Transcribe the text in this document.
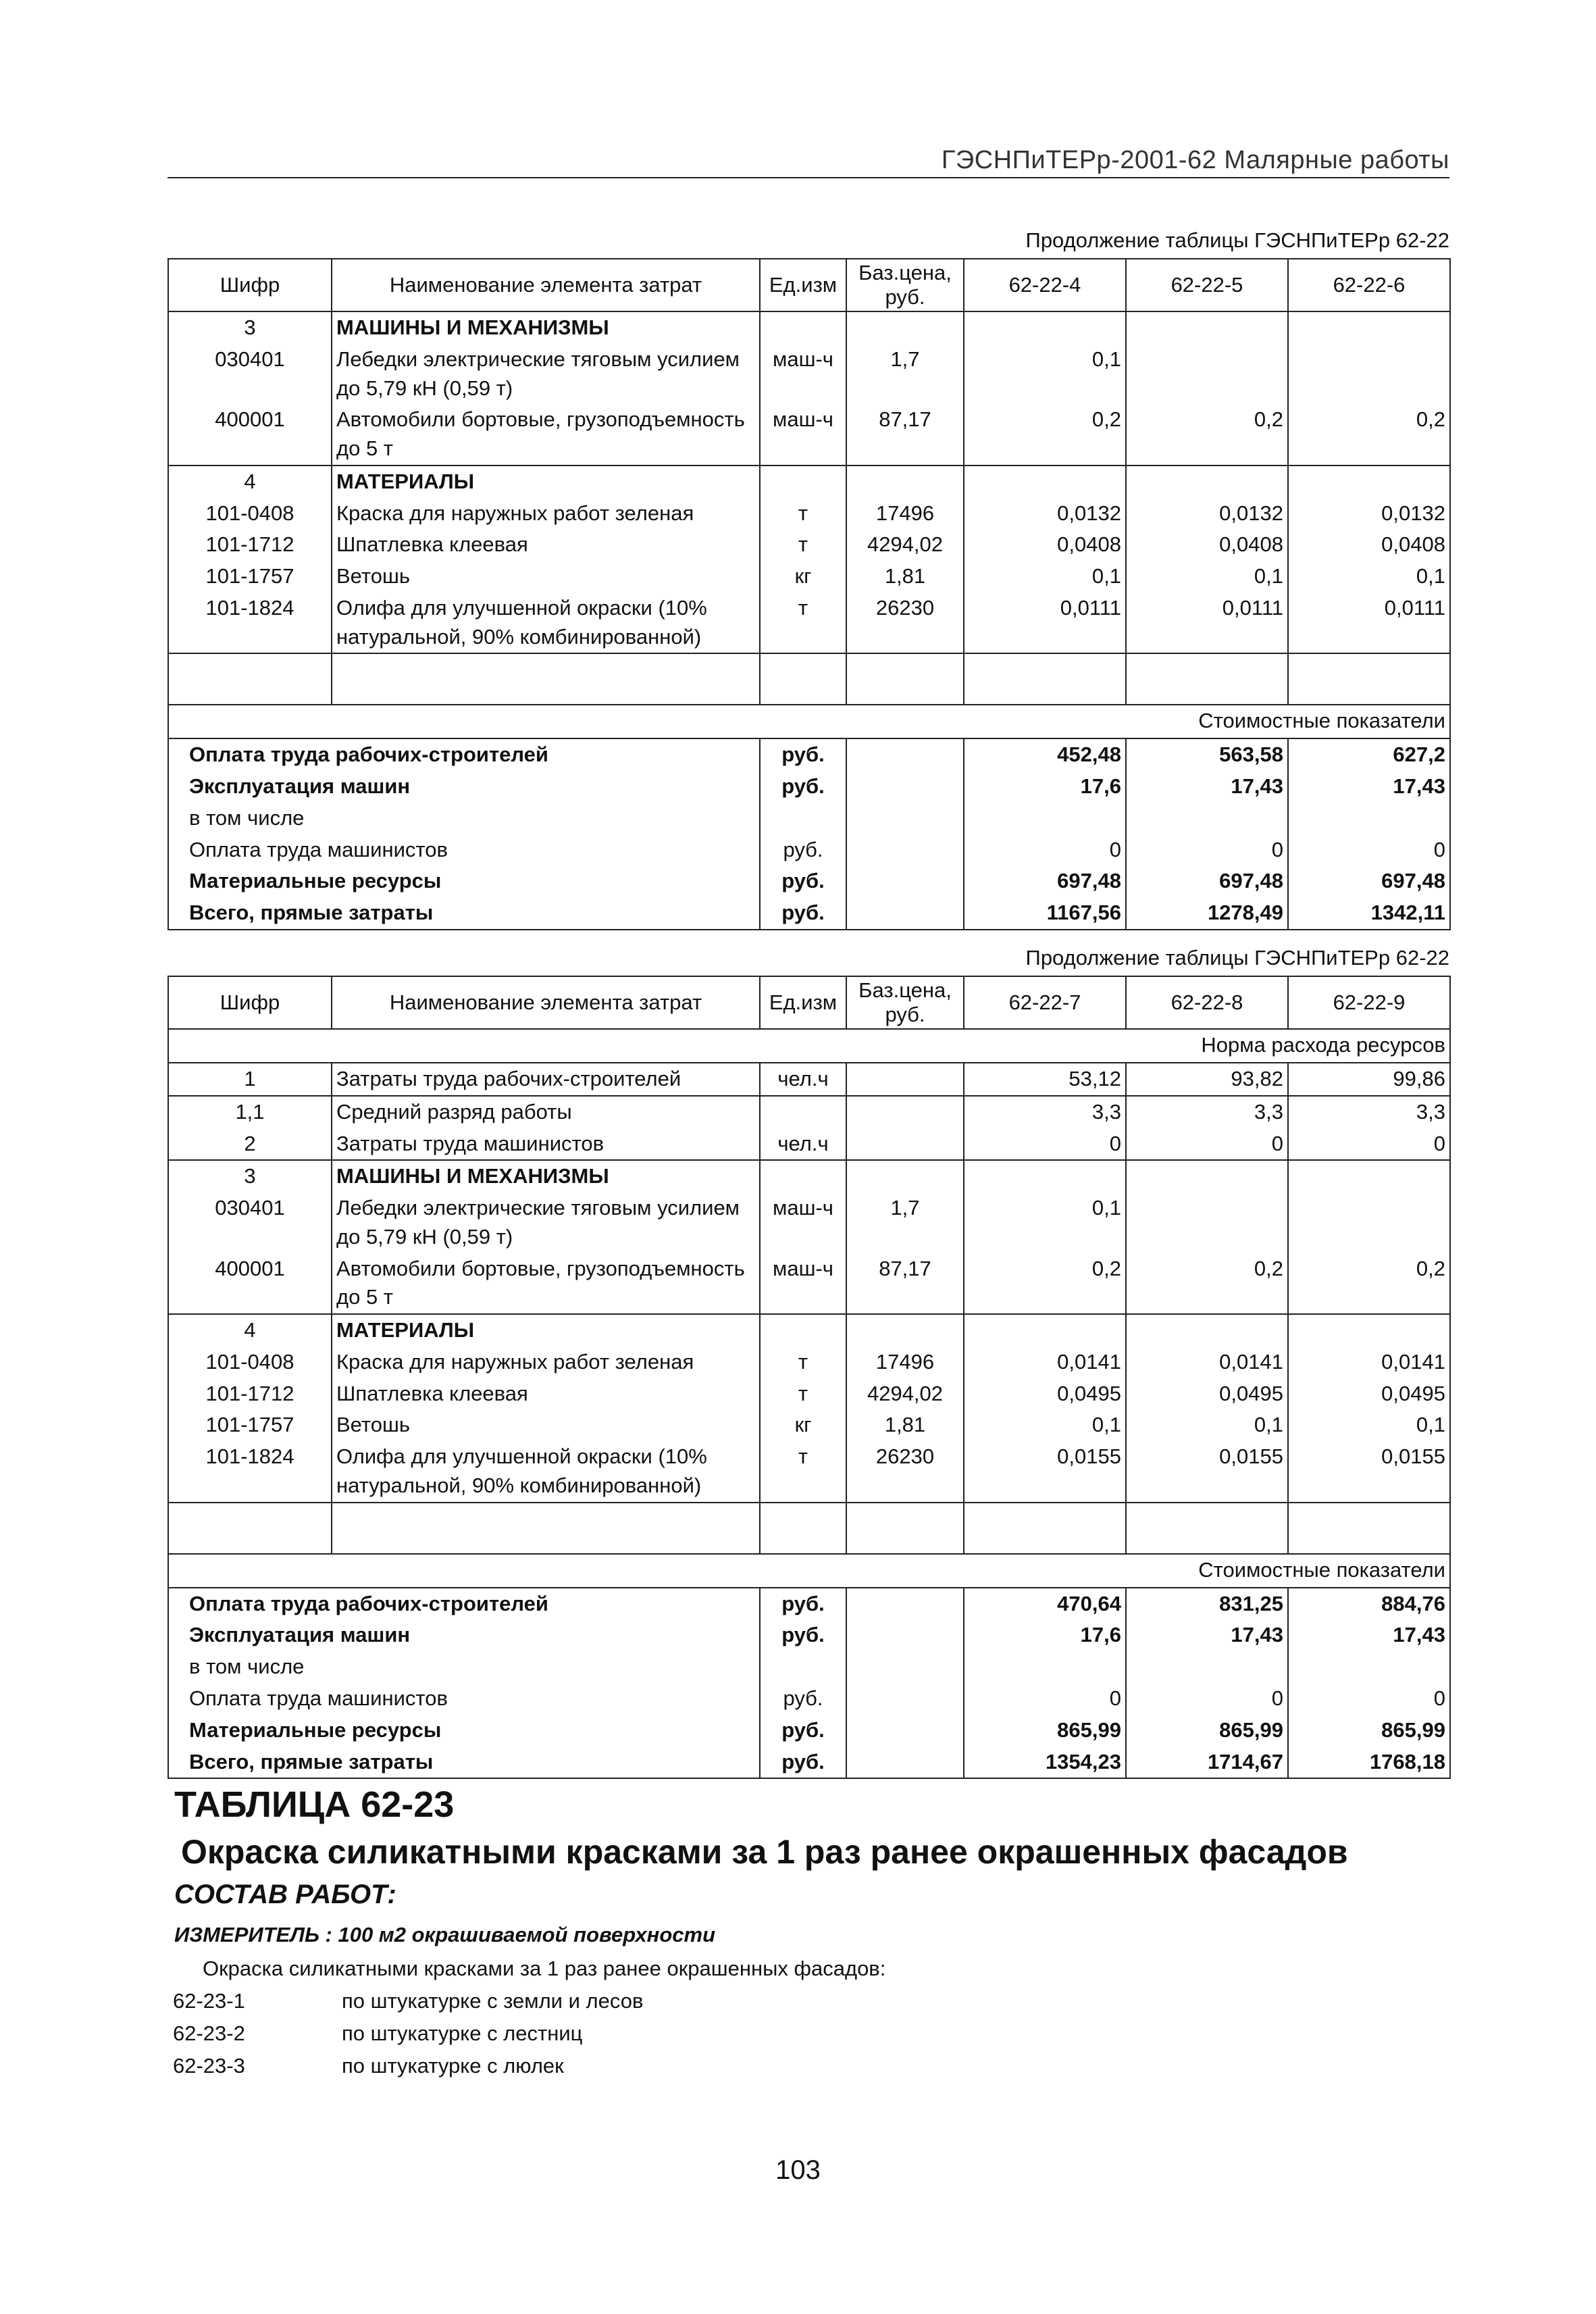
ГЭСНПиТЕРр-2001-62 Малярные работы
Продолжение таблицы ГЭСНПиТЕРр 62-22
Шифр	Наименование элемента затрат	Ед.изм	Баз.цена, руб.	62-22-4	62-22-5	62-22-6
3	МАШИНЫ И МЕХАНИЗМЫ					
030401	Лебедки электрические тяговым усилием до 5,79 кН (0,59 т)	маш-ч	1,7	0,1		
400001	Автомобили бортовые, грузоподъемность до 5 т	маш-ч	87,17	0,2	0,2	0,2
4	МАТЕРИАЛЫ					
101-0408	Краска для наружных работ зеленая	т	17496	0,0132	0,0132	0,0132
101-1712	Шпатлевка клеевая	т	4294,02	0,0408	0,0408	0,0408
101-1757	Ветошь	кг	1,81	0,1	0,1	0,1
101-1824	Олифа для улучшенной окраски (10% натуральной, 90% комбинированной)	т	26230	0,0111	0,0111	0,0111

Стоимостные показатели						
Оплата труда рабочих-строителей		руб.		452,48	563,58	627,2
Эксплуатация машин		руб.		17,6	17,43	17,43
в том числе						
Оплата труда машинистов		руб.		0	0	0
Материальные ресурсы		руб.		697,48	697,48	697,48
Всего, прямые затраты		руб.		1167,56	1278,49	1342,11
Продолжение таблицы ГЭСНПиТЕРр 62-22
Шифр	Наименование элемента затрат	Ед.изм	Баз.цена, руб.	62-22-7	62-22-8	62-22-9
Норма расхода ресурсов						
1	Затраты труда рабочих-строителей	чел.ч		53,12	93,82	99,86
1,1	Средний разряд работы			3,3	3,3	3,3
2	Затраты труда машинистов	чел.ч		0	0	0
3	МАШИНЫ И МЕХАНИЗМЫ					
030401	Лебедки электрические тяговым усилием до 5,79 кН (0,59 т)	маш-ч	1,7	0,1		
400001	Автомобили бортовые, грузоподъемность до 5 т	маш-ч	87,17	0,2	0,2	0,2
4	МАТЕРИАЛЫ					
101-0408	Краска для наружных работ зеленая	т	17496	0,0141	0,0141	0,0141
101-1712	Шпатлевка клеевая	т	4294,02	0,0495	0,0495	0,0495
101-1757	Ветошь	кг	1,81	0,1	0,1	0,1
101-1824	Олифа для улучшенной окраски (10% натуральной, 90% комбинированной)	т	26230	0,0155	0,0155	0,0155

Стоимостные показатели						
Оплата труда рабочих-строителей		руб.		470,64	831,25	884,76
Эксплуатация машин		руб.		17,6	17,43	17,43
в том числе						
Оплата труда машинистов		руб.		0	0	0
Материальные ресурсы		руб.		865,99	865,99	865,99
Всего, прямые затраты		руб.		1354,23	1714,67	1768,18
ТАБЛИЦА 62-23
Окраска силикатными красками за 1 раз ранее окрашенных фасадов
СОСТАВ РАБОТ:
ИЗМЕРИТЕЛЬ : 100 м2 окрашиваемой поверхности
Окраска силикатными красками за 1 раз ранее окрашенных фасадов:
62-23-1	по штукатурке с земли и лесов
62-23-2	по штукатурке с лестниц
62-23-3	по штукатурке с люлек
103
